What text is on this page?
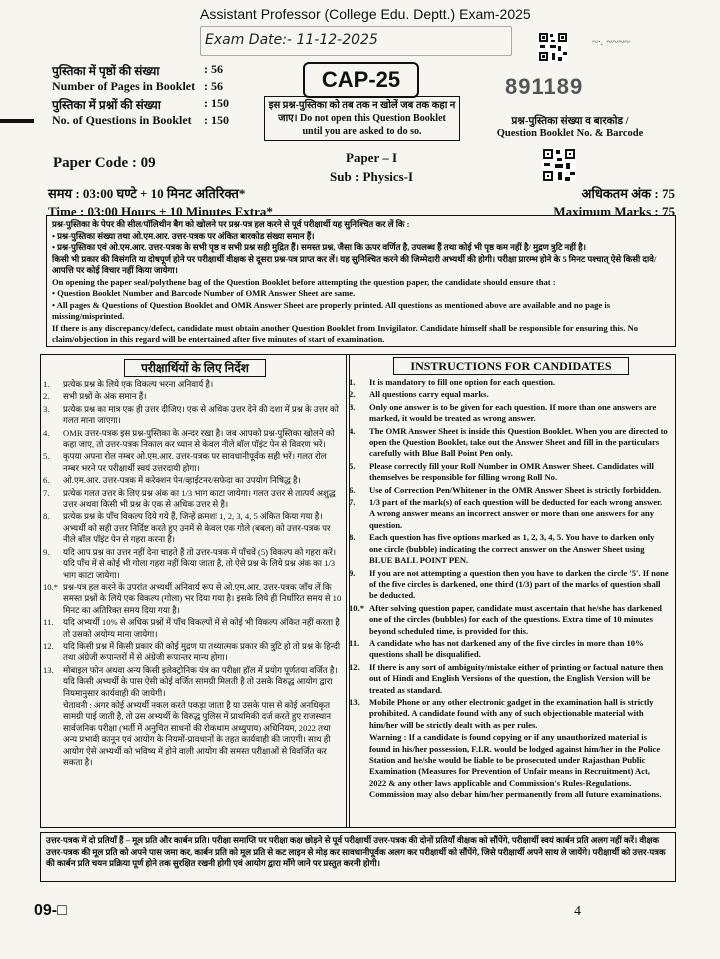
Assistant Professor (College Edu. Deptt.) Exam-2025
Exam Date:- 11-12-2025	~·. ~~~~
पुस्तिका में पृष्ठों की संख्या	: 56
Number of Pages in Booklet : 56
पुस्तिका में प्रश्नों की संख्या	: 150
No. of Questions in Booklet : 150
CAP-25
इस प्रश्न-पुस्तिका को तब तक न खोलें जब तक कहा न जाए। Do not open this Question Booklet until you are asked to do so.
891189
प्रश्न-पुस्तिका संख्या व बारकोड /
Question Booklet No. & Barcode
Paper Code : 09	Paper – I
Sub : Physics-I
समय : 03:00 घण्टे + 10 मिनट अतिरिक्त*
Time : 03:00 Hours + 10 Minutes Extra*
अधिकतम अंक : 75
Maximum Marks : 75
प्रश्न-पुस्तिका के पेपर की सील/पॉलिथीन बैग को खोलने पर प्रश्न-पत्र हल करने से पूर्व परीक्षार्थी यह सुनिश्चित कर लें कि :
• प्रश्न-पुस्तिका संख्या तथा ओ.एम.आर. उत्तर-पत्रक पर अंकित बारकोड संख्या समान हैं।
• प्रश्न-पुस्तिका एवं ओ.एम.आर. उत्तर-पत्रक के सभी पृष्ठ व सभी प्रश्न सही मुद्रित हैं। समस्त प्रश्न, जैसा कि ऊपर वर्णित है, उपलब्ध हैं तथा कोई भी पृष्ठ कम नहीं है/ मुद्रण त्रुटि नहीं है।
किसी भी प्रकार की विसंगति या दोषपूर्ण होने पर परीक्षार्थी वीक्षक से दूसरा प्रश्न-पत्र प्राप्त कर लें। यह सुनिश्चित करने की जिम्मेदारी अभ्यर्थी की होगी। परीक्षा प्रारम्भ होने के 5 मिनट पश्चात् ऐसे किसी दावे/आपत्ति पर कोई विचार नहीं किया जायेगा।
On opening the paper seal/polythene bag of the Question Booklet before attempting the question paper, the candidate should ensure that :
• Question Booklet Number and Barcode Number of OMR Answer Sheet are same.
• All pages & Questions of Question Booklet and OMR Answer Sheet are properly printed. All questions as mentioned above are available and no page is missing/misprinted.
If there is any discrepancy/defect, candidate must obtain another Question Booklet from Invigilator. Candidate himself shall be responsible for ensuring this. No claim/objection in this regard will be entertained after five minutes of start of examination.
परीक्षार्थियों के लिए निर्देश
1.	प्रत्येक प्रश्न के लिये एक विकल्प भरना अनिवार्य है।
2.	सभी प्रश्नों के अंक समान हैं।
3.	प्रत्येक प्रश्न का मात्र एक ही उत्तर दीजिए। एक से अधिक उत्तर देने की दशा में प्रश्न के उत्तर को गलत माना जाएगा।
4.	OMR उत्तर-पत्रक इस प्रश्न-पुस्तिका के अन्दर रखा है। जब आपको प्रश्न-पुस्तिका खोलने को कहा जाए, तो उत्तर-पत्रक निकाल कर ध्यान से केवल नीले बॉल पॉइंट पेन से विवरण भरें।
5.	कृपया अपना रोल नम्बर ओ.एम.आर. उत्तर-पत्रक पर सावधानीपूर्वक सही भरें। गलत रोल नम्बर भरने पर परीक्षार्थी स्वयं उत्तरदायी होगा।
6.	ओ.एम.आर. उत्तर-पत्रक में करेक्शन पेन/व्हाईटनर/सफेदा का उपयोग निषिद्ध है।
7.	प्रत्येक गलत उत्तर के लिए प्रश्न अंक का 1/3 भाग काटा जायेगा। गलत उत्तर से तात्पर्य अशुद्ध उत्तर अथवा किसी भी प्रश्न के एक से अधिक उत्तर से है।
8.	प्रत्येक प्रश्न के पाँच विकल्प दिये गये हैं, जिन्हें क्रमशः 1, 2, 3, 4, 5 अंकित किया गया है। अभ्यर्थी को सही उत्तर निर्दिष्ट करते हुए उनमें से केवल एक गोले (बबल) को उत्तर-पत्रक पर नीले बॉल पॉइंट पेन से गहरा करना है।
9.	यदि आप प्रश्न का उत्तर नहीं देना चाहते हैं तो उत्तर-पत्रक में पाँचवें (5) विकल्प को गहरा करें। यदि पाँच में से कोई भी गोला गहरा नहीं किया जाता है, तो ऐसे प्रश्न के लिये प्रश्न अंक का 1/3 भाग काटा जायेगा।
10.* प्रश्न-पत्र हल करने के उपरांत अभ्यर्थी अनिवार्य रूप से ओ.एम.आर. उत्तर-पत्रक जाँच लें कि समस्त प्रश्नों के लिये एक विकल्प (गोला) भर दिया गया है। इसके लिये ही निर्धारित समय से 10 मिनट का अतिरिक्त समय दिया गया है।
11.	यदि अभ्यर्थी 10% से अधिक प्रश्नों में पाँच विकल्पों में से कोई भी विकल्प अंकित नहीं करता है तो उसको अयोग्य माना जायेगा।
12.	यदि किसी प्रश्न में किसी प्रकार की कोई मुद्रण या तथ्यात्मक प्रकार की त्रुटि हो तो प्रश्न के हिन्दी तथा अंग्रेजी रूपान्तरों में से अंग्रेजी रूपान्तर मान्य होगा।
13.	मोबाइल फोन अथवा अन्य किसी इलेक्ट्रोनिक यंत्र का परीक्षा हॉल में प्रयोग पूर्णतया वर्जित है। यदि किसी अभ्यर्थी के पास ऐसी कोई वर्जित सामग्री मिलती है तो उसके विरुद्ध आयोग द्वारा नियमानुसार कार्यवाही की जायेगी।
चेतावनी : अगर कोई अभ्यर्थी नकल करते पकड़ा जाता है या उसके पास से कोई अनधिकृत सामग्री पाई जाती है, तो उस अभ्यर्थी के विरुद्ध पुलिस में प्राथमिकी दर्ज करते हुए राजस्थान सार्वजनिक परीक्षा (भर्ती में अनुचित साधनों की रोकथाम अध्युपाय) अधिनियम, 2022 तथा अन्य प्रभावी कानून एवं आयोग के नियमों-प्रावधानों के तहत कार्यवाही की जाएगी। साथ ही आयोग ऐसे अभ्यर्थी को भविष्य में होने वाली आयोग की समस्त परीक्षाओं से विवर्जित कर सकता है।
INSTRUCTIONS FOR CANDIDATES
1.	It is mandatory to fill one option for each question.
2.	All questions carry equal marks.
3.	Only one answer is to be given for each question. If more than one answers are marked, it would be treated as wrong answer.
4.	The OMR Answer Sheet is inside this Question Booklet. When you are directed to open the Question Booklet, take out the Answer Sheet and fill in the particulars carefully with Blue Ball Point Pen only.
5.	Please correctly fill your Roll Number in OMR Answer Sheet. Candidates will themselves be responsible for filling wrong Roll No.
6.	Use of Correction Pen/Whitener in the OMR Answer Sheet is strictly forbidden.
7.	1/3 part of the mark(s) of each question will be deducted for each wrong answer. A wrong answer means an incorrect answer or more than one answers for any question.
8.	Each question has five options marked as 1, 2, 3, 4, 5. You have to darken only one circle (bubble) indicating the correct answer on the Answer Sheet using BLUE BALL POINT PEN.
9.	If you are not attempting a question then you have to darken the circle '5'. If none of the five circles is darkened, one third (1/3) part of the marks of question shall be deducted.
10.* After solving question paper, candidate must ascertain that he/she has darkened one of the circles (bubbles) for each of the questions. Extra time of 10 minutes beyond scheduled time, is provided for this.
11.	A candidate who has not darkened any of the five circles in more than 10% questions shall be disqualified.
12.	If there is any sort of ambiguity/mistake either of printing or factual nature then out of Hindi and English Versions of the question, the English Version will be treated as standard.
13.	Mobile Phone or any other electronic gadget in the examination hall is strictly prohibited. A candidate found with any of such objectionable material with him/her will be strictly dealt with as per rules.
Warning : If a candidate is found copying or if any unauthorized material is found in his/her possession, F.I.R. would be lodged against him/her in the Police Station and he/she would be liable to be prosecuted under Rajasthan Public Examination (Measures for Prevention of Unfair means in Recruitment) Act, 2022 & any other laws applicable and Commission's Rules-Regulations. Commission may also debar him/her permanently from all future examinations.
उत्तर-पत्रक में दो प्रतियाँ हैं – मूल प्रति और कार्बन प्रति। परीक्षा समाप्ति पर परीक्षा कक्ष छोड़ने से पूर्व परीक्षार्थी उत्तर-पत्रक की दोनों प्रतियाँ वीक्षक को सौंपेंगे, परीक्षार्थी स्वयं कार्बन प्रति अलग नहीं करें। वीक्षक उत्तर-पत्रक की मूल प्रति को अपने पास जमा कर, कार्बन प्रति को मूल प्रति से कट लाइन से मोड़ कर सावधानीपूर्वक अलग कर परीक्षार्थी को सौंपेंगे, जिसे परीक्षार्थी अपने साथ ले जायेंगे। परीक्षार्थी को उत्तर-पत्रक की कार्बन प्रति चयन प्रक्रिया पूर्ण होने तक सुरक्षित रखनी होगी एवं आयोग द्वारा माँगे जाने पर प्रस्तुत करनी होगी।
09-□	4
